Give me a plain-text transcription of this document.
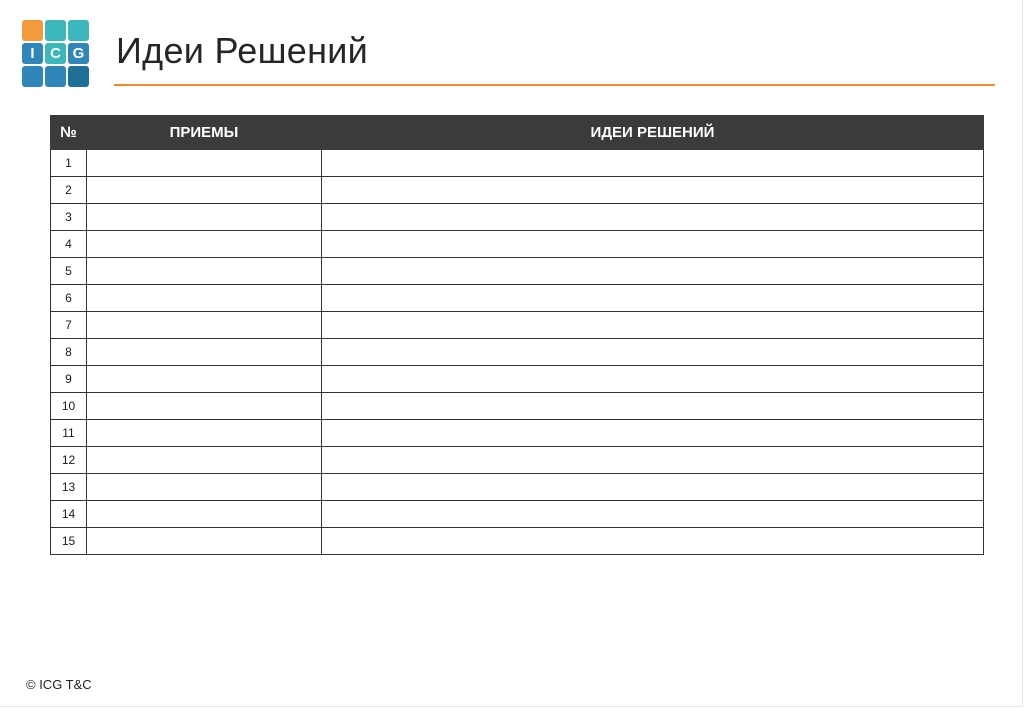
I C G Идеи Решений
№	ПРИЕМЫ	ИДЕИ РЕШЕНИЙ
1		
2		
3		
4		
5		
6		
7		
8		
9		
10		
11		
12		
13		
14		
15		
© ICG T&C
